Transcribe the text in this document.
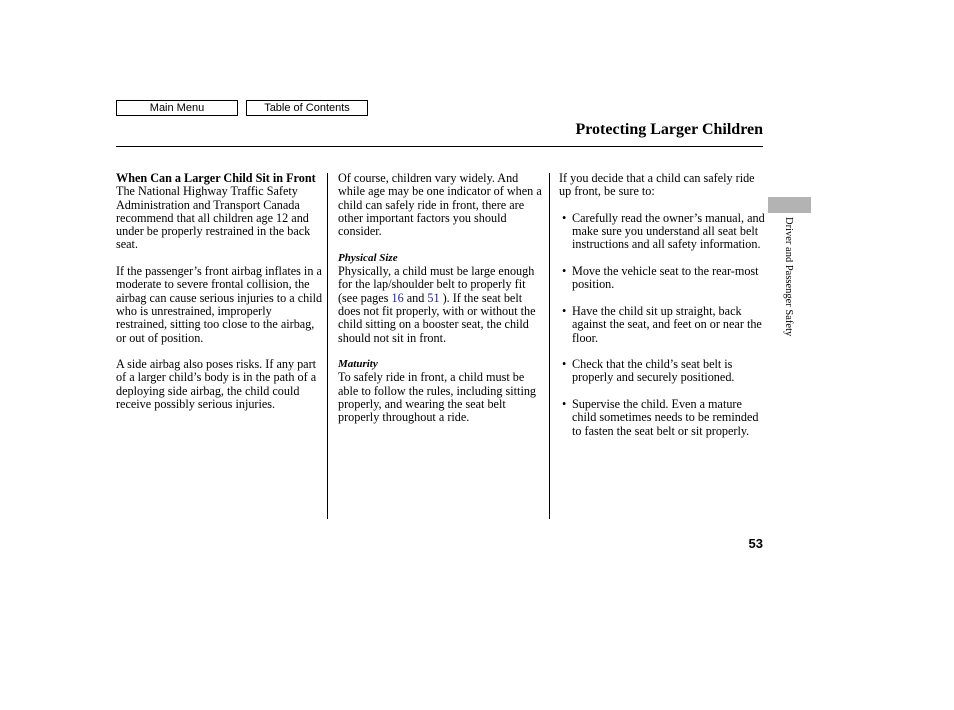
Main Menu	Table of Contents
Protecting Larger Children

When Can a Larger Child Sit in Front

The National Highway Traffic Safety Administration and Transport Canada recommend that all children age 12 and under be properly restrained in the back seat.

If the passenger’s front airbag inflates in a moderate to severe frontal collision, the airbag can cause serious injuries to a child who is unrestrained, improperly restrained, sitting too close to the airbag, or out of position.

A side airbag also poses risks. If any part of a larger child’s body is in the path of a deploying side airbag, the child could receive possibly serious injuries.

Of course, children vary widely. And while age may be one indicator of when a child can safely ride in front, there are other important factors you should consider.

Physical Size

Physically, a child must be large enough for the lap/shoulder belt to properly fit (see pages 16 and 51 ). If the seat belt does not fit properly, with or without the child sitting on a booster seat, the child should not sit in front.

Maturity

To safely ride in front, a child must be able to follow the rules, including sitting properly, and wearing the seat belt properly throughout a ride.

If you decide that a child can safely ride up front, be sure to:

• Carefully read the owner’s manual, and make sure you understand all seat belt instructions and all safety information.
• Move the vehicle seat to the rear-most position.
• Have the child sit up straight, back against the seat, and feet on or near the floor.
• Check that the child’s seat belt is properly and securely positioned.
• Supervise the child. Even a mature child sometimes needs to be reminded to fasten the seat belt or sit properly.
Driver and Passenger Safety
53
